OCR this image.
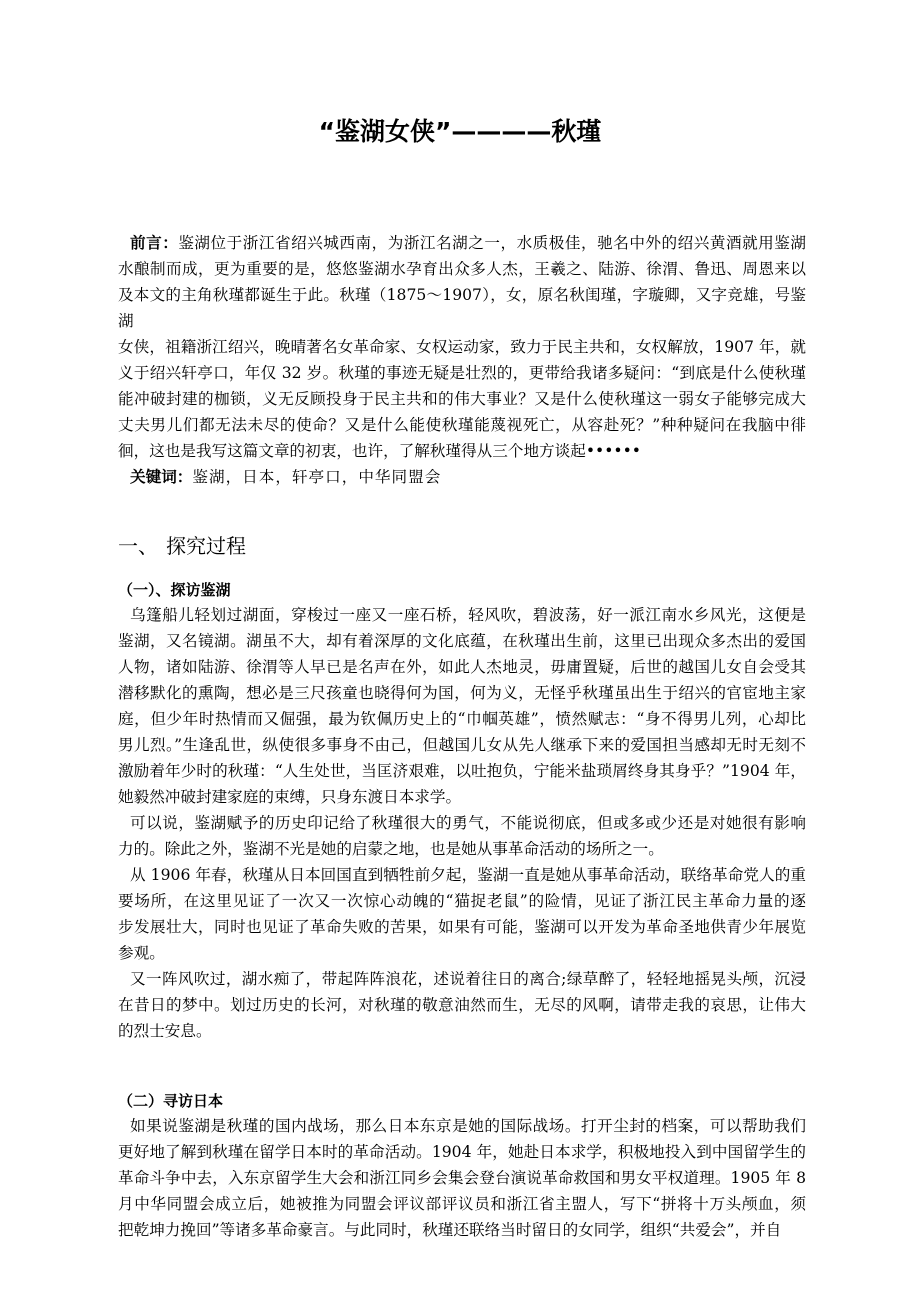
“鉴湖女侠”————秋瑾
前言：鉴湖位于浙江省绍兴城西南，为浙江名湖之一，水质极佳，驰名中外的绍兴黄酒就用鉴湖
水酿制而成，更为重要的是，悠悠鉴湖水孕育出众多人杰，王羲之、陆游、徐渭、鲁迅、周恩来以
及本文的主角秋瑾都诞生于此。秋瑾（1875～1907），女，原名秋闺瑾，字璇卿，又字竞雄，号鉴湖
女侠，祖籍浙江绍兴，晚晴著名女革命家、女权运动家，致力于民主共和，女权解放，1907 年，就
义于绍兴轩亭口，年仅 32 岁。秋瑾的事迹无疑是壮烈的，更带给我诸多疑问：“到底是什么使秋瑾
能冲破封建的枷锁，义无反顾投身于民主共和的伟大事业？又是什么使秋瑾这一弱女子能够完成大
丈夫男儿们都无法未尽的使命？又是什么能使秋瑾能蔑视死亡，从容赴死？”种种疑问在我脑中徘
徊，这也是我写这篇文章的初衷，也许，了解秋瑾得从三个地方谈起••••••
关键词：鉴湖，日本，轩亭口，中华同盟会
一、 探究过程
（一）、探访鉴湖
乌篷船儿轻划过湖面，穿梭过一座又一座石桥，轻风吹，碧波荡，好一派江南水乡风光，这便是
鉴湖，又名镜湖。湖虽不大，却有着深厚的文化底蕴，在秋瑾出生前，这里已出现众多杰出的爱国
人物，诸如陆游、徐渭等人早已是名声在外，如此人杰地灵，毋庸置疑，后世的越国儿女自会受其
潜移默化的熏陶，想必是三尺孩童也晓得何为国，何为义，无怪乎秋瑾虽出生于绍兴的官宦地主家
庭，但少年时热情而又倔强，最为钦佩历史上的“巾帼英雄”，愤然赋志：“身不得男儿列，心却比
男儿烈。”生逢乱世，纵使很多事身不由己，但越国儿女从先人继承下来的爱国担当感却无时无刻不
激励着年少时的秋瑾：“人生处世，当匡济艰难，以吐抱负，宁能米盐琐屑终身其身乎？”1904 年，
她毅然冲破封建家庭的束缚，只身东渡日本求学。
可以说，鉴湖赋予的历史印记给了秋瑾很大的勇气，不能说彻底，但或多或少还是对她很有影响
力的。除此之外，鉴湖不光是她的启蒙之地，也是她从事革命活动的场所之一。
从 1906 年春，秋瑾从日本回国直到牺牲前夕起，鉴湖一直是她从事革命活动，联络革命党人的重
要场所，在这里见证了一次又一次惊心动魄的“猫捉老鼠”的险情，见证了浙江民主革命力量的逐
步发展壮大，同时也见证了革命失败的苦果，如果有可能，鉴湖可以开发为革命圣地供青少年展览
参观。
又一阵风吹过，湖水痴了，带起阵阵浪花，述说着往日的离合;绿草醉了，轻轻地摇晃头颅，沉浸
在昔日的梦中。划过历史的长河，对秋瑾的敬意油然而生，无尽的风啊，请带走我的哀思，让伟大
的烈士安息。
（二）寻访日本
如果说鉴湖是秋瑾的国内战场，那么日本东京是她的国际战场。打开尘封的档案，可以帮助我们
更好地了解到秋瑾在留学日本时的革命活动。1904 年，她赴日本求学，积极地投入到中国留学生的
革命斗争中去，入东京留学生大会和浙江同乡会集会登台演说革命救国和男女平权道理。1905 年 8
月中华同盟会成立后，她被推为同盟会评议部评议员和浙江省主盟人，写下“拼将十万头颅血，须
把乾坤力挽回”等诸多革命豪言。与此同时，秋瑾还联络当时留日的女同学，组织“共爱会”，并自
